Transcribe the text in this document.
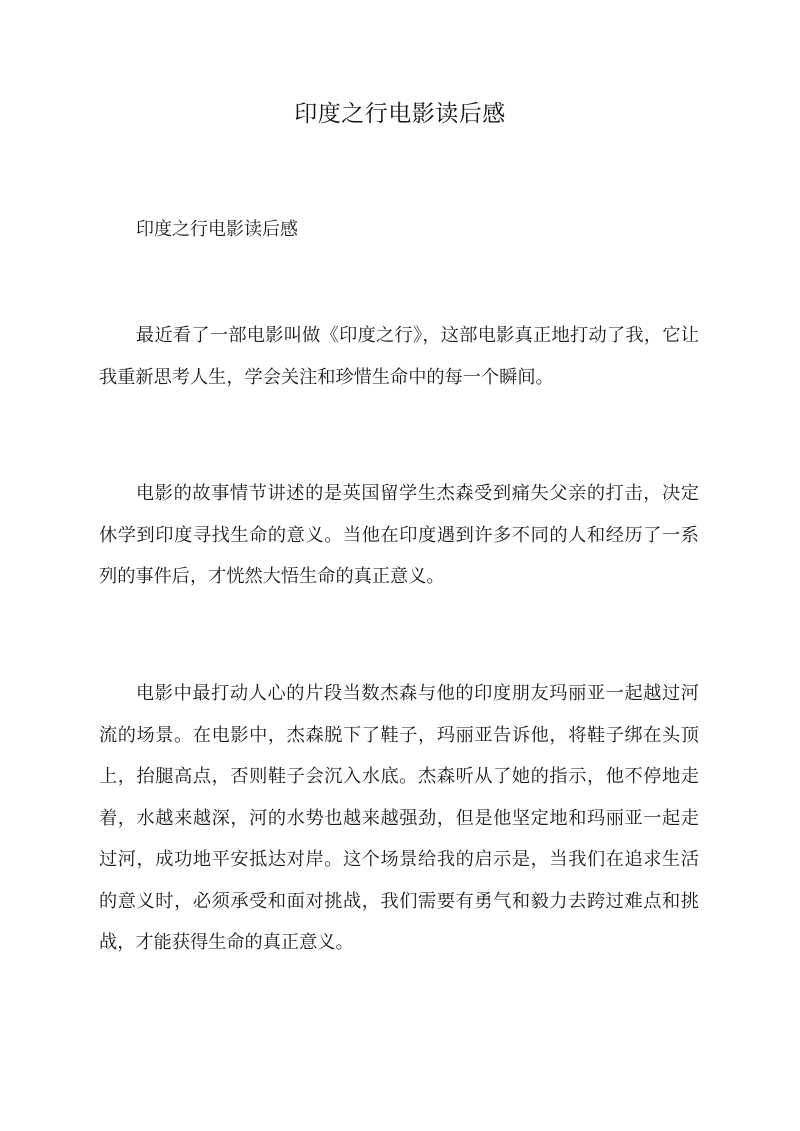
印度之行电影读后感
印度之行电影读后感

最近看了一部电影叫做《印度之行》，这部电影真正地打动了我，它让我重新思考人生，学会关注和珍惜生命中的每一个瞬间。

电影的故事情节讲述的是英国留学生杰森受到痛失父亲的打击，决定休学到印度寻找生命的意义。当他在印度遇到许多不同的人和经历了一系列的事件后，才恍然大悟生命的真正意义。

电影中最打动人心的片段当数杰森与他的印度朋友玛丽亚一起越过河流的场景。在电影中，杰森脱下了鞋子，玛丽亚告诉他，将鞋子绑在头顶上，抬腿高点，否则鞋子会沉入水底。杰森听从了她的指示，他不停地走着，水越来越深，河的水势也越来越强劲，但是他坚定地和玛丽亚一起走过河，成功地平安抵达对岸。这个场景给我的启示是，当我们在追求生活的意义时，必须承受和面对挑战，我们需要有勇气和毅力去跨过难点和挑战，才能获得生命的真正意义。
